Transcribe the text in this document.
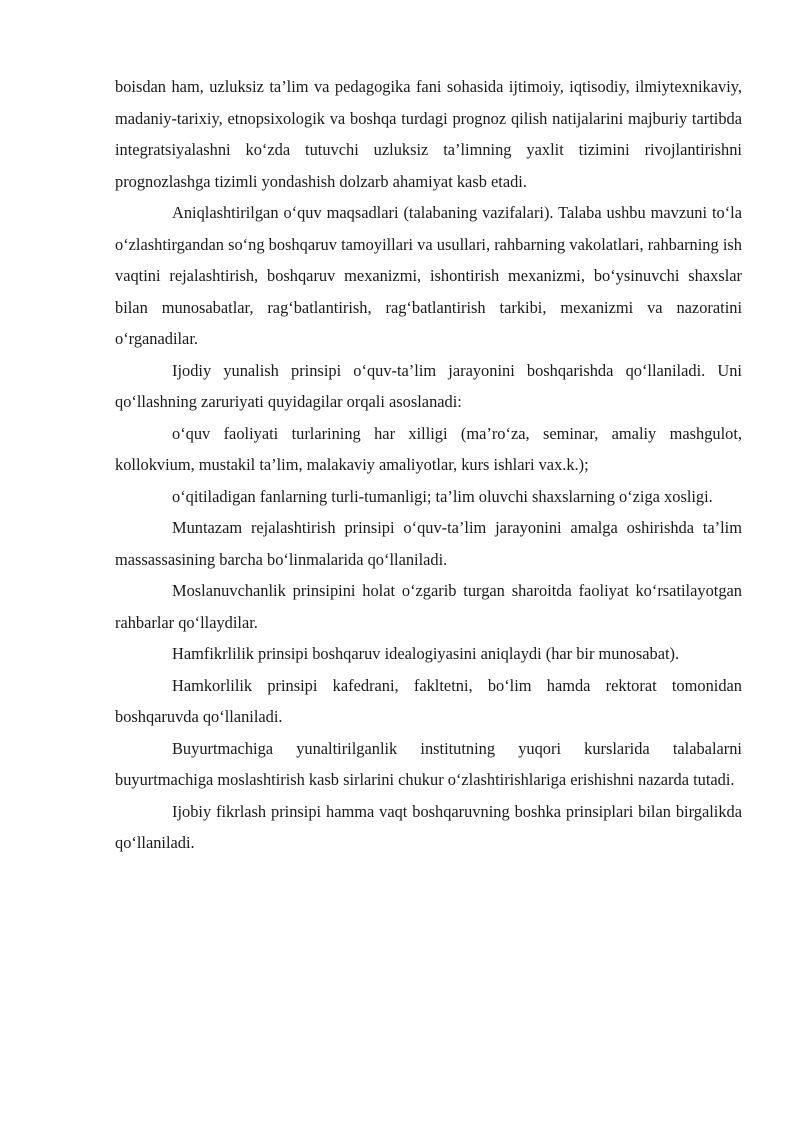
boisdan ham, uzluksiz ta’lim va pedagogika fani sohasida ijtimoiy, iqtisodiy, ilmiytexnikaviy, madaniy-tarixiy, etnopsixologik va boshqa turdagi prognoz qilish natijalarini majburiy tartibda integratsiyalashni ko‘zda tutuvchi uzluksiz ta’limning yaxlit tizimini rivojlantirishni prognozlashga tizimli yondashish dolzarb ahamiyat kasb etadi.

Aniqlashtirilgan o‘quv maqsadlari (talabaning vazifalari). Talaba ushbu mavzuni to‘la o‘zlashtirgandan so‘ng boshqaruv tamoyillari va usullari, rahbarning vakolatlari, rahbarning ish vaqtini rejalashtirish, boshqaruv mexanizmi, ishontirish mexanizmi, bo‘ysinuvchi shaxslar bilan munosabatlar, rag‘batlantirish, rag‘batlantirish tarkibi, mexanizmi va nazoratini o‘rganadilar.

Ijodiy yunalish prinsipi o‘quv-ta’lim jarayonini boshqarishda qo‘llaniladi. Uni qo‘llashning zaruriyati quyidagilar orqali asoslanadi:

o‘quv faoliyati turlarining har xilligi (ma’ro‘za, seminar, amaliy mashgulot, kollokvium, mustakil ta’lim, malakaviy amaliyotlar, kurs ishlari vax.k.);

o‘qitiladigan fanlarning turli-tumanligi; ta’lim oluvchi shaxslarning o‘ziga xosligi.

Muntazam rejalashtirish prinsipi o‘quv-ta’lim jarayonini amalga oshirishda ta’lim massassasining barcha bo‘linmalarida qo‘llaniladi.

Moslanuvchanlik prinsipini holat o‘zgarib turgan sharoitda faoliyat ko‘rsatilayotgan rahbarlar qo‘llaydilar.

Hamfikrlilik prinsipi boshqaruv idealogiyasini aniqlaydi (har bir munosabat).

Hamkorlilik prinsipi kafedrani, fakltetni, bo‘lim hamda rektorat tomonidan boshqaruvda qo‘llaniladi.

Buyurtmachiga yunaltirilganlik institutning yuqori kurslarida talabalarni buyurtmachiga moslashtirish kasb sirlarini chukur o‘zlashtirishlariga erishishni nazarda tutadi.

Ijobiy fikrlash prinsipi hamma vaqt boshqaruvning boshka prinsiplari bilan birgalikda qo‘llaniladi.
